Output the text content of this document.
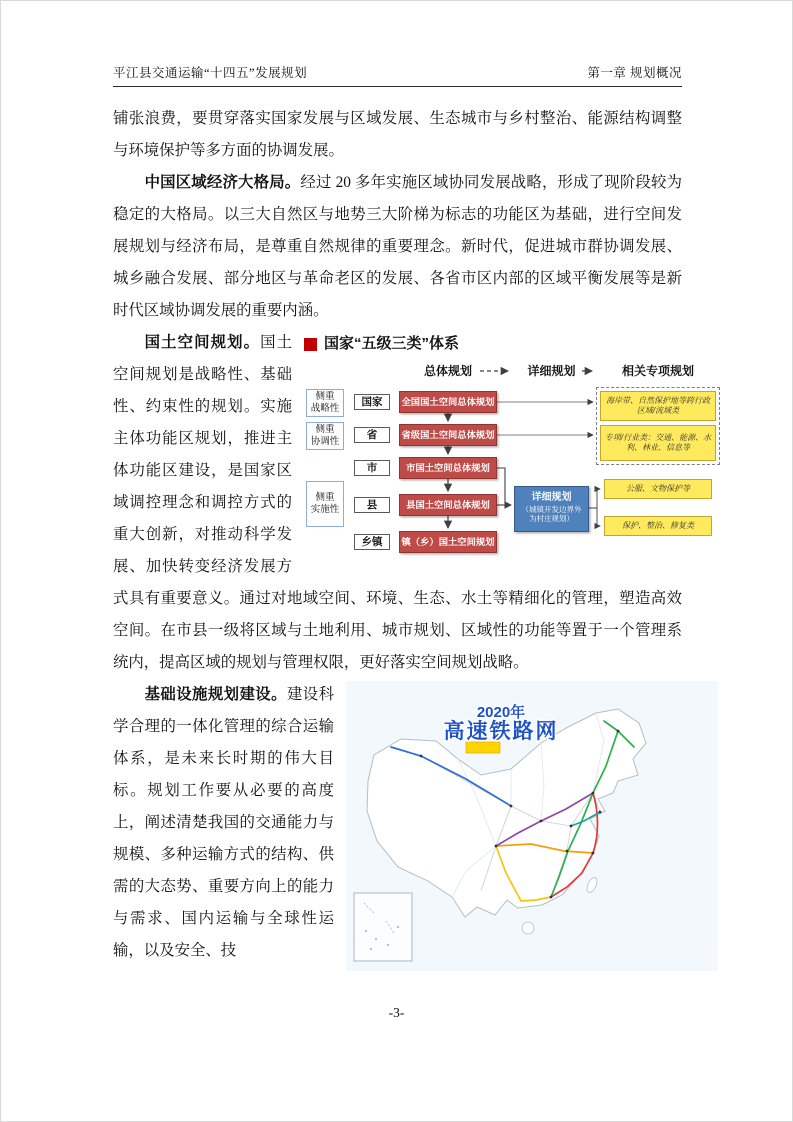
平江县交通运输“十四五”发展规划	第一章 规划概况
铺张浪费，要贯穿落实国家发展与区域发展、生态城市与乡村整治、能源结构调整与环境保护等多方面的协调发展。
中国区域经济大格局。经过 20 多年实施区域协同发展战略，形成了现阶段较为稳定的大格局。以三大自然区与地势三大阶梯为标志的功能区为基础，进行空间发展规划与经济布局，是尊重自然规律的重要理念。新时代，促进城市群协调发展、城乡融合发展、部分地区与革命老区的发展、各省市区内部的区域平衡发展等是新时代区域协调发展的重要内涵。
国家“五级三类”体系
总体规划	详细规划	相关专项规划
侧重
战略性
侧重
协调性
侧重
实施性
国家
省
市
县
乡镇
全国国土空间总体规划
省级国土空间总体规划
市国土空间总体规划
县国土空间总体规划
镇（乡）国土空间规划
详细规划
（城镇开发边界外为村庄规划）
海岸带、自然保护地等跨行政区域/流域类
专项/行业类：交通、能源、水利、林业、信息等
公服、文物保护等
保护、整治、修复类
国土空间规划。国土空间规划是战略性、基础性、约束性的规划。实施主体功能区规划，推进主体功能区建设，是国家区域调控理念和调控方式的重大创新，对推动科学发展、加快转变经济发展方式具有重要意义。通过对地域空间、环境、生态、水土等精细化的管理，塑造高效空间。在市县一级将区域与土地利用、城市规划、区域性的功能等置于一个管理系统内，提高区域的规划与管理权限，更好落实空间规划战略。
2020年
高速铁路网
基础设施规划建设。建设科学合理的一体化管理的综合运输体系，是未来长时期的伟大目标。规划工作要从必要的高度上，阐述清楚我国的交通能力与规模、多种运输方式的结构、供需的大态势、重要方向上的能力与需求、国内运输与全球性运输，以及安全、技
-3-
